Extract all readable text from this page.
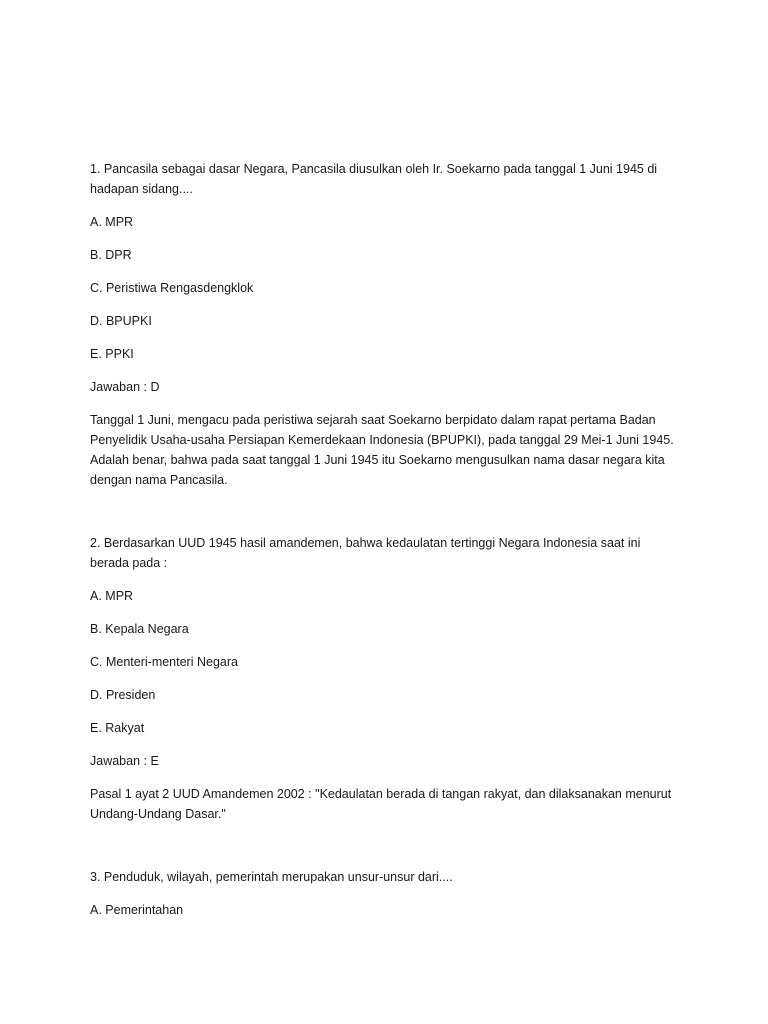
1. Pancasila sebagai dasar Negara, Pancasila diusulkan oleh Ir. Soekarno pada tanggal 1 Juni 1945 di hadapan sidang....

A. MPR

B. DPR

C. Peristiwa Rengasdengklok

D. BPUPKI

E. PPKI

Jawaban : D

Tanggal 1 Juni, mengacu pada peristiwa sejarah saat Soekarno berpidato dalam rapat pertama Badan Penyelidik Usaha-usaha Persiapan Kemerdekaan Indonesia (BPUPKI), pada tanggal 29 Mei-1 Juni 1945. Adalah benar, bahwa pada saat tanggal 1 Juni 1945 itu Soekarno mengusulkan nama dasar negara kita dengan nama Pancasila.

2. Berdasarkan UUD 1945 hasil amandemen, bahwa kedaulatan tertinggi Negara Indonesia saat ini berada pada :

A. MPR

B. Kepala Negara

C. Menteri-menteri Negara

D. Presiden

E. Rakyat

Jawaban : E

Pasal 1 ayat 2 UUD Amandemen 2002 : "Kedaulatan berada di tangan rakyat, dan dilaksanakan menurut Undang-Undang Dasar."

3. Penduduk, wilayah, pemerintah merupakan unsur-unsur dari....

A. Pemerintahan
